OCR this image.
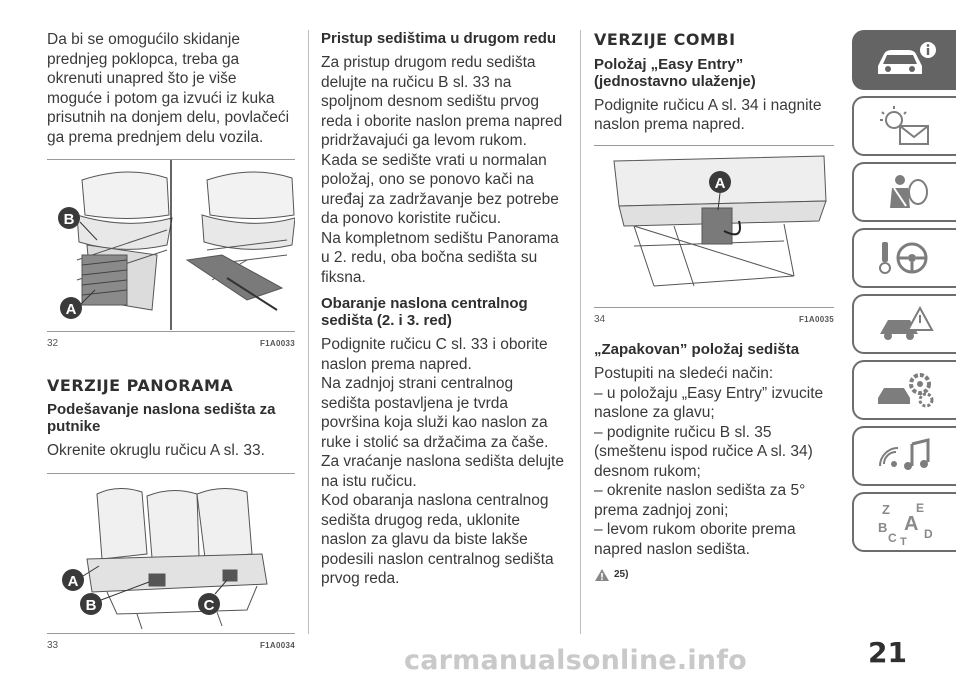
Da bi se omogućilo skidanje prednjeg poklopca, treba ga okrenuti unapred što je više moguće i potom ga izvući iz kuka prisutnih na donjem delu, povlačeći ga prema prednjem delu vozila.

B
A
32	F1A0033
VERZIJE PANORAMA
Podešavanje naslona sedišta za putnike

Okrenite okruglu ručicu A sl. 33.

A
B	C
33	F1A0034
Pristup sedištima u drugom redu

Za pristup drugom redu sedišta delujte na ručicu B sl. 33 na spoljnom desnom sedištu prvog reda i oborite naslon prema napred pridržavajući ga levom rukom.

Kada se sedište vrati u normalan položaj, ono se ponovo kači na uređaj za zadržavanje bez potrebe da ponovo koristite ručicu.

Na kompletnom sedištu Panorama u 2. redu, oba bočna sedišta su fiksna.

Obaranje naslona centralnog sedišta (2. i 3. red)

Podignite ručicu C sl. 33 i oborite naslon prema napred.

Na zadnjoj strani centralnog sedišta postavljena je tvrda površina koja služi kao naslon za ruke i stolić sa držačima za čaše.

Za vraćanje naslona sedišta delujte na istu ručicu.

Kod obaranja naslona centralnog sedišta drugog reda, uklonite naslon za glavu da biste lakše podesili naslon centralnog sedišta prvog reda.

VERZIJE COMBI
Položaj „Easy Entry” (jednostavno ulaženje)

Podignite ručicu A sl. 34 i nagnite naslon prema napred.

A
34	F1A0035
„Zapakovan” položaj sedišta

Postupiti na sledeći način:

– u položaju „Easy Entry” izvucite naslone za glavu;

– podignite ručicu B sl. 35 (smeštenu ispod ručice A sl. 34) desnom rukom;

– okrenite naslon sedišta za 5° prema zadnjoj zoni;

– levom rukom oborite prema napred naslon sedišta.

25)
Z E
A
B
C D
T
carmanualsonline.info	21
